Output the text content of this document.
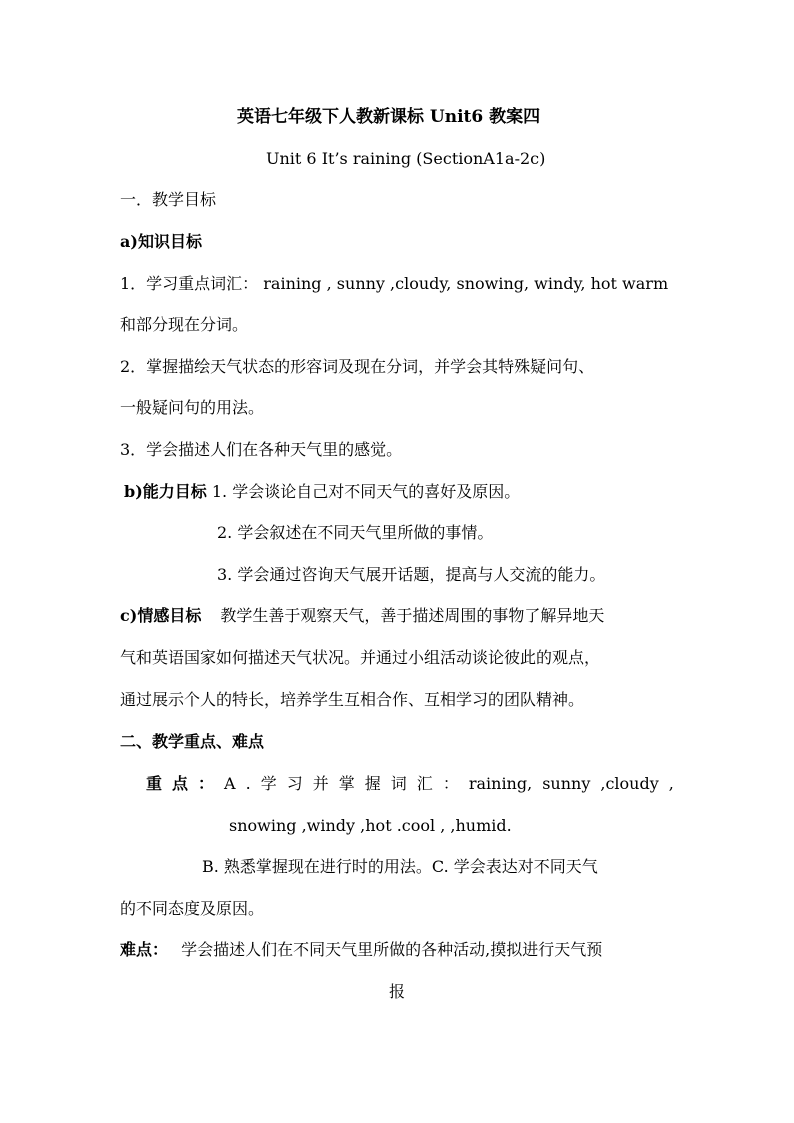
英语七年级下人教新课标 Unit6 教案四
Unit 6 It’s raining (SectionA1a-2c)
一．教学目标
a)知识目标
1．学习重点词汇： raining , sunny ,cloudy, snowing, windy, hot warm
和部分现在分词。
2．掌握描绘天气状态的形容词及现在分词，并学会其特殊疑问句、
一般疑问句的用法。
3．学会描述人们在各种天气里的感觉。
b)能力目标 1. 学会谈论自己对不同天气的喜好及原因。
2. 学会叙述在不同天气里所做的事情。
3. 学会通过咨询天气展开话题，提高与人交流的能力。
c)情感目标 教学生善于观察天气，善于描述周围的事物了解异地天
气和英语国家如何描述天气状况。并通过小组活动谈论彼此的观点，
通过展示个人的特长，培养学生互相合作、互相学习的团队精神。
二、教学重点、难点
重 点 ： A . 学 习 并 掌 握 词 汇 ： raining, sunny ,cloudy ,
snowing ,windy ,hot .cool , ,humid.
B. 熟悉掌握现在进行时的用法。C. 学会表达对不同天气
的不同态度及原因。
难点： 学会描述人们在不同天气里所做的各种活动,摸拟进行天气预
报
